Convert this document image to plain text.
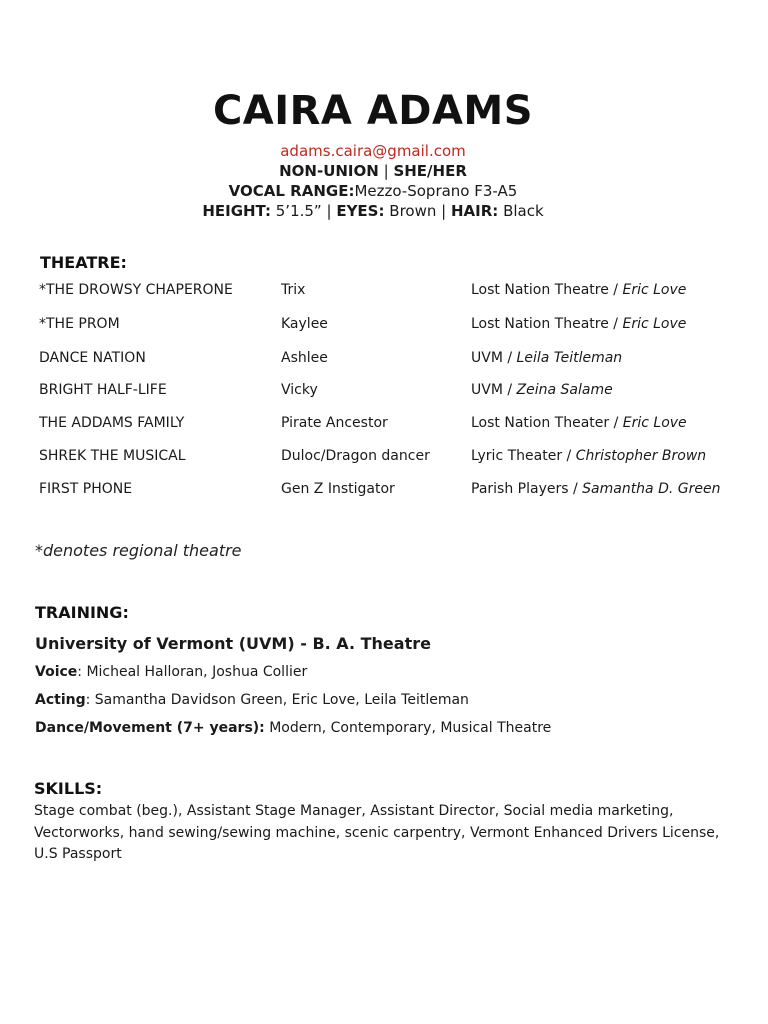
CAIRA ADAMS
adams.caira@gmail.com
NON-UNION | SHE/HER
VOCAL RANGE:Mezzo-Soprano F3-A5
HEIGHT: 5’1.5” | EYES: Brown | HAIR: Black
THEATRE:
*THE DROWSY CHAPERONE	Trix	Lost Nation Theatre / Eric Love
*THE PROM	Kaylee	Lost Nation Theatre / Eric Love
DANCE NATION	Ashlee	UVM / Leila Teitleman
BRIGHT HALF-LIFE	Vicky	UVM / Zeina Salame
THE ADDAMS FAMILY	Pirate Ancestor	Lost Nation Theater / Eric Love
SHREK THE MUSICAL	Duloc/Dragon dancer	Lyric Theater / Christopher Brown
FIRST PHONE	Gen Z Instigator	Parish Players / Samantha D. Green
*denotes regional theatre
TRAINING:
University of Vermont (UVM) - B. A. Theatre
Voice: Micheal Halloran, Joshua Collier
Acting: Samantha Davidson Green, Eric Love, Leila Teitleman
Dance/Movement (7+ years): Modern, Contemporary, Musical Theatre
SKILLS:
Stage combat (beg.), Assistant Stage Manager, Assistant Director, Social media marketing, Vectorworks, hand sewing/sewing machine, scenic carpentry, Vermont Enhanced Drivers License, U.S Passport
